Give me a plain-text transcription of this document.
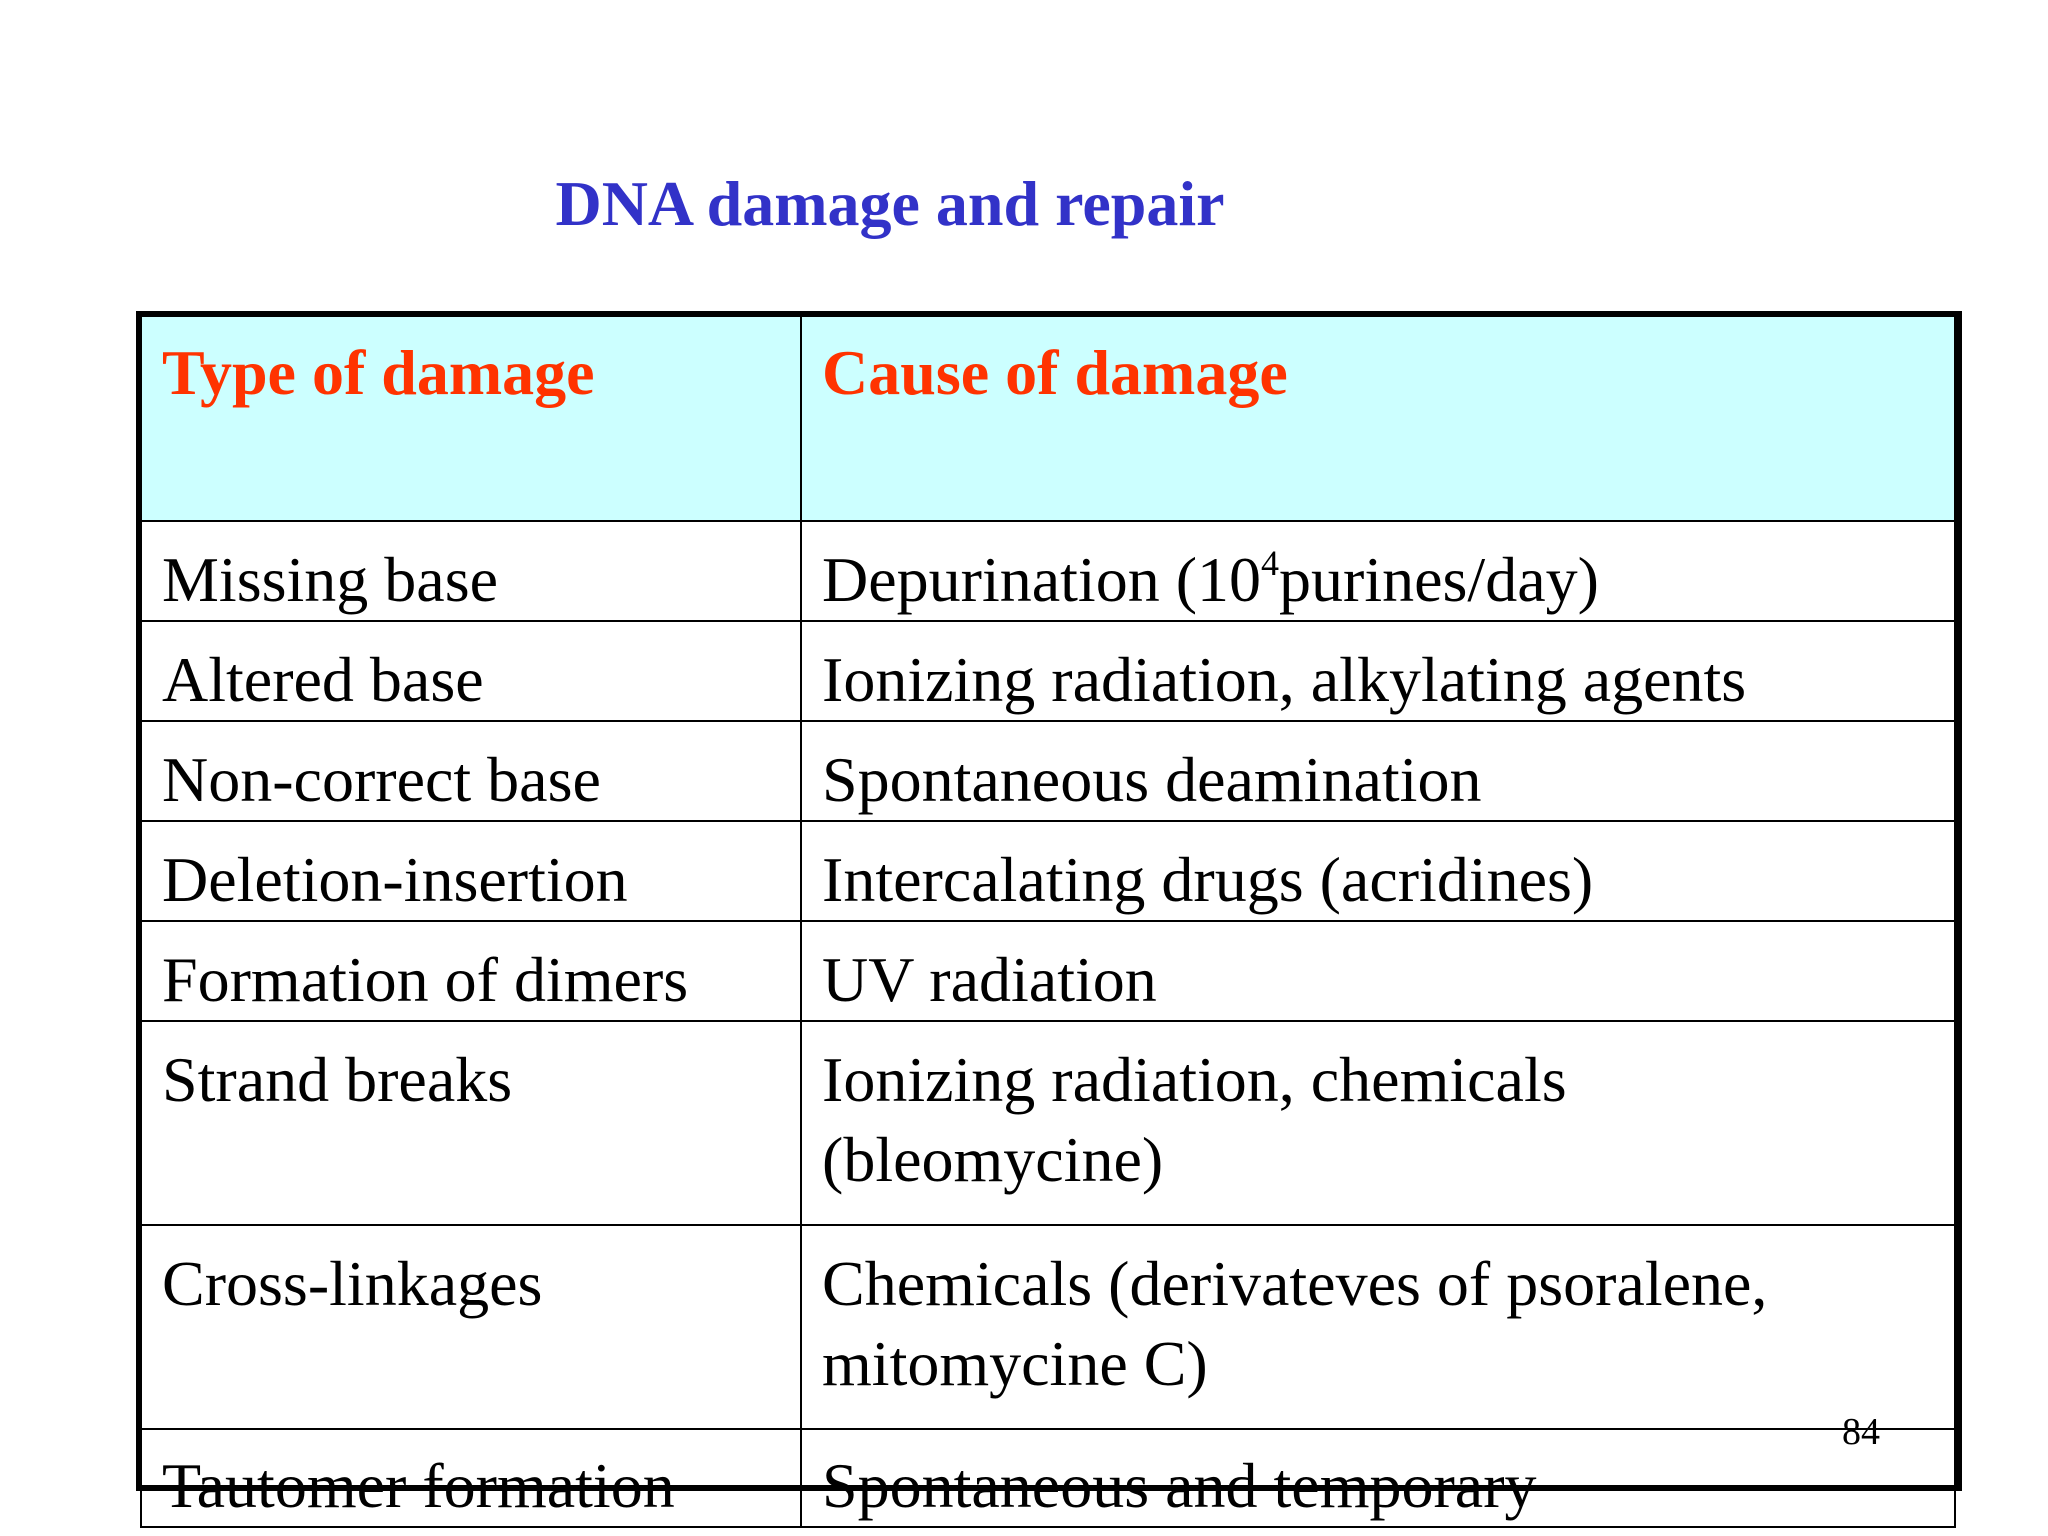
DNA damage and repair
Type of damage	Cause of damage
Missing base	Depurination $(10^4purines/day)$
Altered base	Ionizing radiation, alkylating agents
Non-correct base	Spontaneous deamination
Deletion-insertion	Intercalating drugs (acridines)
Formation of dimers	UV radiation
Strand breaks	Ionizing radiation, chemicals
(bleomycine)
Cross-linkages	Chemicals (derivateves of psoralene,
mitomycine C)
Tautomer formation	Spontaneous and temporary
84
